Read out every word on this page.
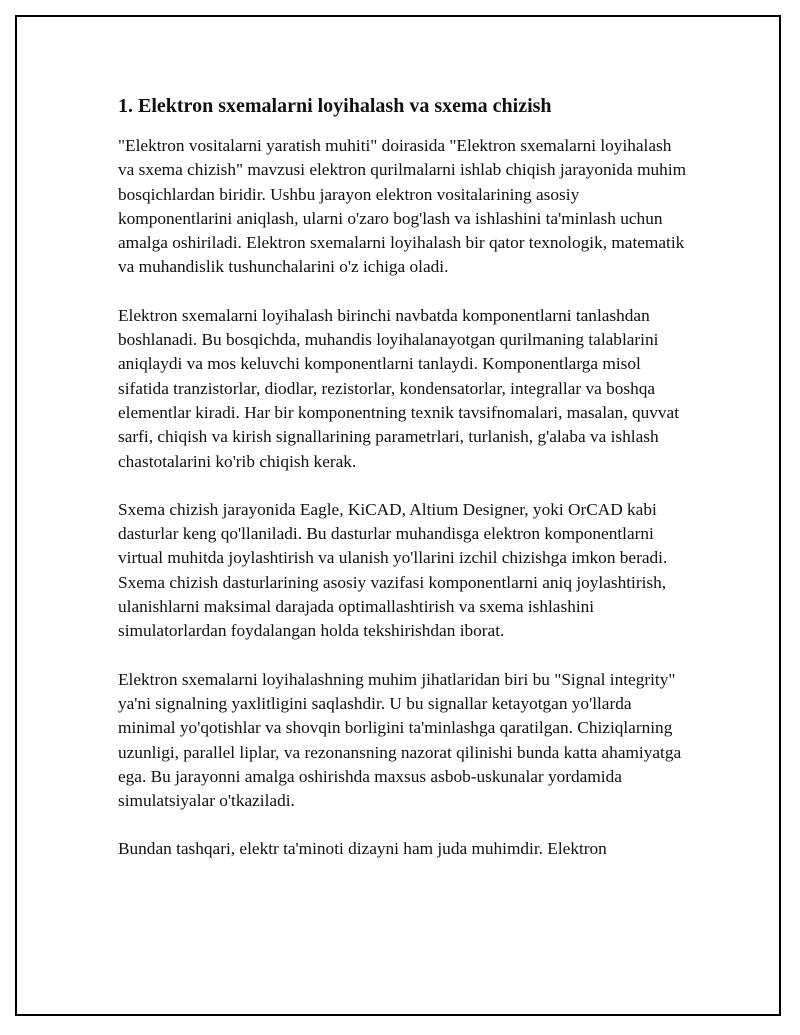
1. Elektron sxemalarni loyihalash va sxema chizish

"Elektron vositalarni yaratish muhiti" doirasida "Elektron sxemalarni loyihalash va sxema chizish" mavzusi elektron qurilmalarni ishlab chiqish jarayonida muhim bosqichlardan biridir. Ushbu jarayon elektron vositalarining asosiy komponentlarini aniqlash, ularni o'zaro bog'lash va ishlashini ta'minlash uchun amalga oshiriladi. Elektron sxemalarni loyihalash bir qator texnologik, matematik va muhandislik tushunchalarini o'z ichiga oladi.

Elektron sxemalarni loyihalash birinchi navbatda komponentlarni tanlashdan boshlanadi. Bu bosqichda, muhandis loyihalanayotgan qurilmaning talablarini aniqlaydi va mos keluvchi komponentlarni tanlaydi. Komponentlarga misol sifatida tranzistorlar, diodlar, rezistorlar, kondensatorlar, integrallar va boshqa elementlar kiradi. Har bir komponentning texnik tavsifnomalari, masalan, quvvat sarfi, chiqish va kirish signallarining parametrlari, turlanish, g'alaba va ishlash chastotalarini ko'rib chiqish kerak.

Sxema chizish jarayonida Eagle, KiCAD, Altium Designer, yoki OrCAD kabi dasturlar keng qo'llaniladi. Bu dasturlar muhandisga elektron komponentlarni virtual muhitda joylashtirish va ulanish yo'llarini izchil chizishga imkon beradi. Sxema chizish dasturlarining asosiy vazifasi komponentlarni aniq joylashtirish, ulanishlarni maksimal darajada optimallashtirish va sxema ishlashini simulatorlardan foydalangan holda tekshirishdan iborat.

Elektron sxemalarni loyihalashning muhim jihatlaridan biri bu "Signal integrity" ya'ni signalning yaxlitligini saqlashdir. U bu signallar ketayotgan yo'llarda minimal yo'qotishlar va shovqin borligini ta'minlashga qaratilgan. Chiziqlarning uzunligi, parallel liplar, va rezonansning nazorat qilinishi bunda katta ahamiyatga ega. Bu jarayonni amalga oshirishda maxsus asbob-uskunalar yordamida simulatsiyalar o'tkaziladi.

Bundan tashqari, elektr ta'minoti dizayni ham juda muhimdir. Elektron
